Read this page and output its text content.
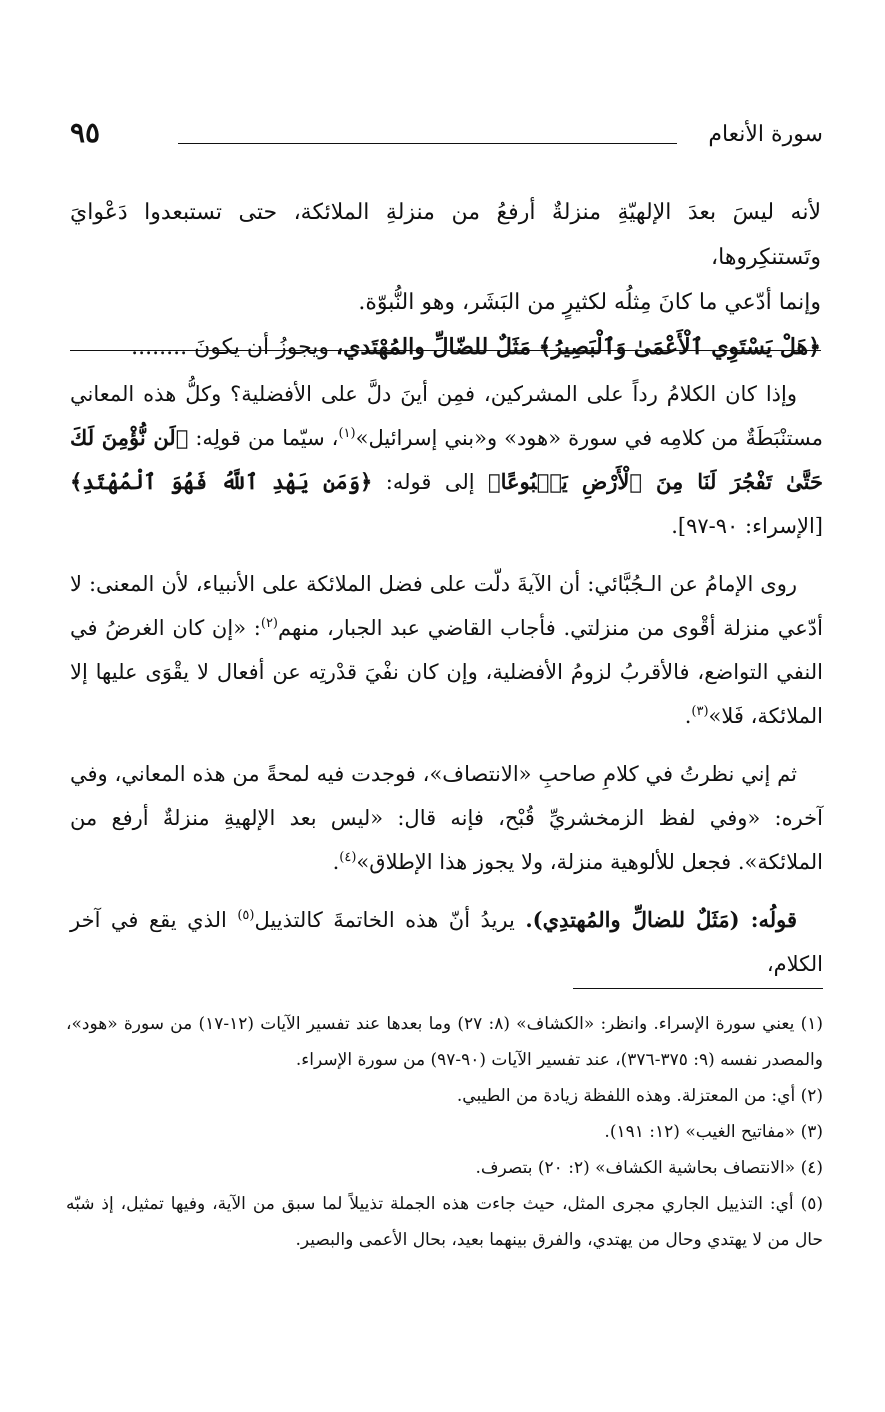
سورة الأنعام
٩٥

لأنه ليسَ بعدَ الإلهيّةِ منزلةٌ أرفعُ من منزلةِ الملائكة، حتى تستبعدوا دَعْوايَ وتَستنكِروها،

وإنما أدّعي ما كانَ مِثلُه لكثيرٍ من البَشَر، وهو النُّبوّة.

﴿هَلْ يَسْتَوِي ٱلْأَعْمَىٰ وَٱلْبَصِيرُ﴾ مَثَلٌ للضّالِّ والمُهْتَدي، ويجوزُ أن يكونَ ........

وإذا كان الكلامُ رداً على المشركين، فمِن أينَ دلَّ على الأفضلية؟ وكلُّ هذه المعاني مستنْبَطَةٌ من كلامِه في سورة «هود» و«بني إسرائيل»$^{(١)}$، سيّما من قولِه: ﴿لَن نُّؤْمِنَ لَكَ حَتَّىٰ تَفْجُرَ لَنَا مِنَ ٱلْأَرْضِ يَنۢبُوعًا﴾ إلى قوله: ﴿وَمَن يَهْدِ ٱللَّهُ فَهُوَ ٱلْمُهْتَدِ﴾ [الإسراء: ٩٠-٩٧].

روى الإمامُ عن الـجُبَّائي: أن الآيةَ دلّت على فضل الملائكة على الأنبياء، لأن المعنى: لا أدّعي منزلة أقْوى من منزلتي. فأجاب القاضي عبد الجبار، منهم$^{(٢)}$: «إن كان الغرضُ في النفي التواضع، فالأقربُ لزومُ الأفضلية، وإن كان نفْيَ قدْرتِه عن أفعال لا يقْوَى عليها إلا الملائكة، فَلا»$^{(٣)}$.

ثم إني نظرتُ في كلامِ صاحبِ «الانتصاف»، فوجدت فيه لمحةً من هذه المعاني، وفي آخره: «وفي لفظ الزمخشريِّ قُبْح، فإنه قال: «ليس بعد الإلهيةِ منزلةٌ أرفع من الملائكة». فجعل للألوهية منزلة، ولا يجوز هذا الإطلاق»$^{(٤)}$.

قولُه: (مَثَلٌ للضالِّ والمُهتدِي). يريدُ أنّ هذه الخاتمةَ كالتذييل$^{(٥)}$ الذي يقع في آخر الكلام،

(١) يعني سورة الإسراء. وانظر: «الكشاف» (٨: ٢٧) وما بعدها عند تفسير الآيات (١٢-١٧) من سورة «هود»، والمصدر نفسه (٩: ٣٧٥-٣٧٦)، عند تفسير الآيات (٩٠-٩٧) من سورة الإسراء.

(٢) أي: من المعتزلة. وهذه اللفظة زيادة من الطيبي.

(٣) «مفاتيح الغيب» (١٢: ١٩١).

(٤) «الانتصاف بحاشية الكشاف» (٢: ٢٠) بتصرف.

(٥) أي: التذييل الجاري مجرى المثل، حيث جاءت هذه الجملة تذييلاً لما سبق من الآية، وفيها تمثيل، إذ شبّه حال من لا يهتدي وحال من يهتدي، والفرق بينهما بعيد، بحال الأعمى والبصير.
